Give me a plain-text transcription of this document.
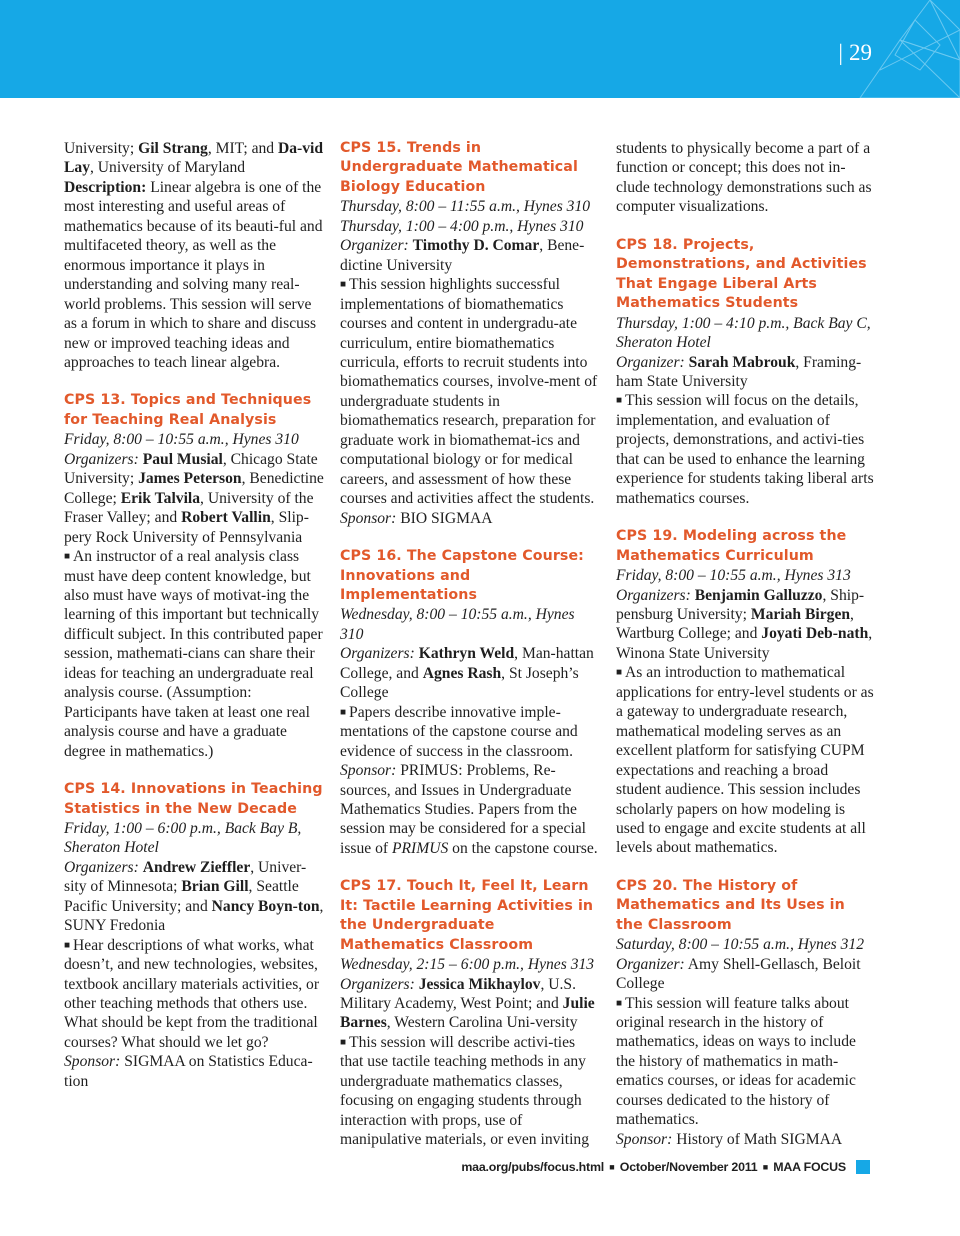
| 29

University; Gil Strang, MIT; and Da-vid Lay, University of Maryland

Description: Linear algebra is one of the most interesting and useful areas of mathematics because of its beauti-ful and multifaceted theory, as well as the enormous importance it plays in understanding and solving many real-world problems. This session will serve as a forum in which to share and discuss new or improved teaching ideas and approaches to teach linear algebra.

CPS 13. Topics and Techniques for Teaching Real Analysis

Friday, 8:00 – 10:55 a.m., Hynes 310

Organizers: Paul Musial, Chicago State University; James Peterson, Benedictine

College; Erik Talvila, University of the Fraser Valley; and Robert Vallin, Slip-pery Rock University of Pennsylvania

■ An instructor of a real analysis class must have deep content knowledge, but also must have ways of motivat-ing the learning of this important but technically difficult subject. In this contributed paper session, mathemati-cians can share their ideas for teaching an undergraduate real analysis course. (Assumption: Participants have taken at least one real analysis course and have a graduate degree in mathematics.)

CPS 14. Innovations in Teaching Statistics in the New Decade

Friday, 1:00 – 6:00 p.m., Back Bay B, Sheraton Hotel

Organizers: Andrew Zieffler, Univer-sity of Minnesota; Brian Gill, Seattle Pacific University; and Nancy Boyn-ton, SUNY Fredonia

■ Hear descriptions of what works, what doesn’t, and new technologies, websites, textbook ancillary materials activities, or other teaching methods that others use. What should be kept from the traditional courses? What should we let go?

Sponsor: SIGMAA on Statistics Educa-tion

CPS 15. Trends in Undergraduate Mathematical Biology Education

Thursday, 8:00 – 11:55 a.m., Hynes 310

Thursday, 1:00 – 4:00 p.m., Hynes 310

Organizer: Timothy D. Comar, Bene-dictine University

■ This session highlights successful implementations of biomathematics courses and content in undergradu-ate curriculum, entire biomathematics curricula, efforts to recruit students into biomathematics courses, involve-ment of undergraduate students in biomathematics research, preparation for graduate work in biomathemat-ics and computational biology or for medical careers, and assessment of how these courses and activities affect the students.

Sponsor: BIO SIGMAA

CPS 16. The Capstone Course: Innovations and Implementations

Wednesday, 8:00 – 10:55 a.m., Hynes 310

Organizers: Kathryn Weld, Man-hattan College, and Agnes Rash, St Joseph’s College

■ Papers describe innovative imple-mentations of the capstone course and evidence of success in the classroom. Sponsor: PRIMUS: Problems, Re-sources, and Issues in Undergraduate Mathematics Studies. Papers from the session may be considered for a special issue of PRIMUS on the capstone course.

CPS 17. Touch It, Feel It, Learn It: Tactile Learning Activities in the Undergraduate Mathematics Classroom

Wednesday, 2:15 – 6:00 p.m., Hynes 313

Organizers: Jessica Mikhaylov, U.S. Military Academy, West Point; and Julie Barnes, Western Carolina Uni-versity

■ This session will describe activi-ties that use tactile teaching methods in any undergraduate mathematics classes, focusing on engaging students through interaction with props, use of manipulative materials, or even inviting

students to physically become a part of a function or concept; this does not in-clude technology demonstrations such as computer visualizations.

CPS 18. Projects, Demonstrations, and Activities That Engage Liberal Arts Mathematics Students

Thursday, 1:00 – 4:10 p.m., Back Bay C, Sheraton Hotel

Organizer: Sarah Mabrouk, Framing-ham State University

■ This session will focus on the details, implementation, and evaluation of projects, demonstrations, and activi-ties that can be used to enhance the learning experience for students taking liberal arts mathematics courses.

CPS 19. Modeling across the Mathematics Curriculum

Friday, 8:00 – 10:55 a.m., Hynes 313

Organizers: Benjamin Galluzzo, Ship-pensburg University; Mariah Birgen, Wartburg College; and Joyati Deb-nath, Winona State University

■ As an introduction to mathematical applications for entry-level students or as a gateway to undergraduate research, mathematical modeling serves as an excellent platform for satisfying CUPM expectations and reaching a broad student audience. This session includes scholarly papers on how modeling is used to engage and excite students at all levels about mathematics.

CPS 20. The History of Mathematics and Its Uses in the Classroom

Saturday, 8:00 – 10:55 a.m., Hynes 312

Organizer: Amy Shell-Gellasch, Beloit College

■ This session will feature talks about original research in the history of mathematics, ideas on ways to include the history of mathematics in math-ematics courses, or ideas for academic courses dedicated to the history of mathematics.

Sponsor: History of Math SIGMAA

maa.org/pubs/focus.html ■ October/November 2011 ■ MAA FOCUS
